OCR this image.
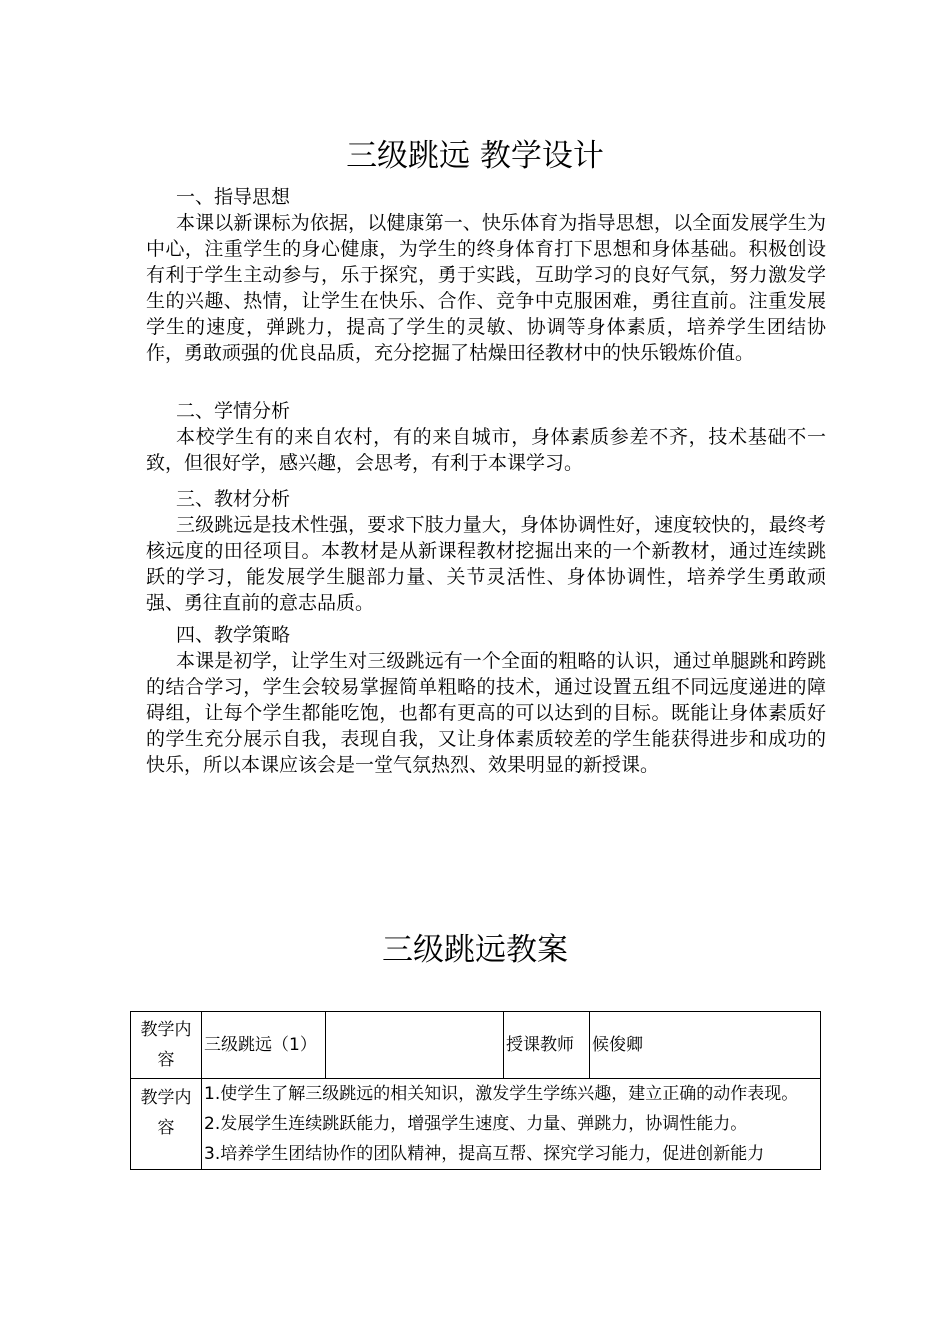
三级跳远 教学设计
一、指导思想
本课以新课标为依据，以健康第一、快乐体育为指导思想，以全面发展学生为中心，注重学生的身心健康，为学生的终身体育打下思想和身体基础。积极创设有利于学生主动参与，乐于探究，勇于实践，互助学习的良好气氛，努力激发学生的兴趣、热情，让学生在快乐、合作、竞争中克服困难，勇往直前。注重发展学生的速度，弹跳力，提高了学生的灵敏、协调等身体素质，培养学生团结协作，勇敢顽强的优良品质，充分挖掘了枯燥田径教材中的快乐锻炼价值。
二、学情分析
本校学生有的来自农村，有的来自城市，身体素质参差不齐，技术基础不一致，但很好学，感兴趣，会思考，有利于本课学习。
三、教材分析
三级跳远是技术性强，要求下肢力量大，身体协调性好，速度较快的，最终考核远度的田径项目。本教材是从新课程教材挖掘出来的一个新教材，通过连续跳跃的学习，能发展学生腿部力量、关节灵活性、身体协调性，培养学生勇敢顽强、勇往直前的意志品质。
四、教学策略
本课是初学，让学生对三级跳远有一个全面的粗略的认识，通过单腿跳和跨跳的结合学习，学生会较易掌握简单粗略的技术，通过设置五组不同远度递进的障碍组，让每个学生都能吃饱，也都有更高的可以达到的目标。既能让身体素质好的学生充分展示自我，表现自我，又让身体素质较差的学生能获得进步和成功的快乐，所以本课应该会是一堂气氛热烈、效果明显的新授课。
三级跳远教案
教学内容	三级跳远（1）		授课教师	候俊卿
教学内容	1.使学生了解三级跳远的相关知识，激发学生学练兴趣，建立正确的动作表现。
2.发展学生连续跳跃能力，增强学生速度、力量、弹跳力，协调性能力。
3.培养学生团结协作的团队精神，提高互帮、探究学习能力，促进创新能力			
